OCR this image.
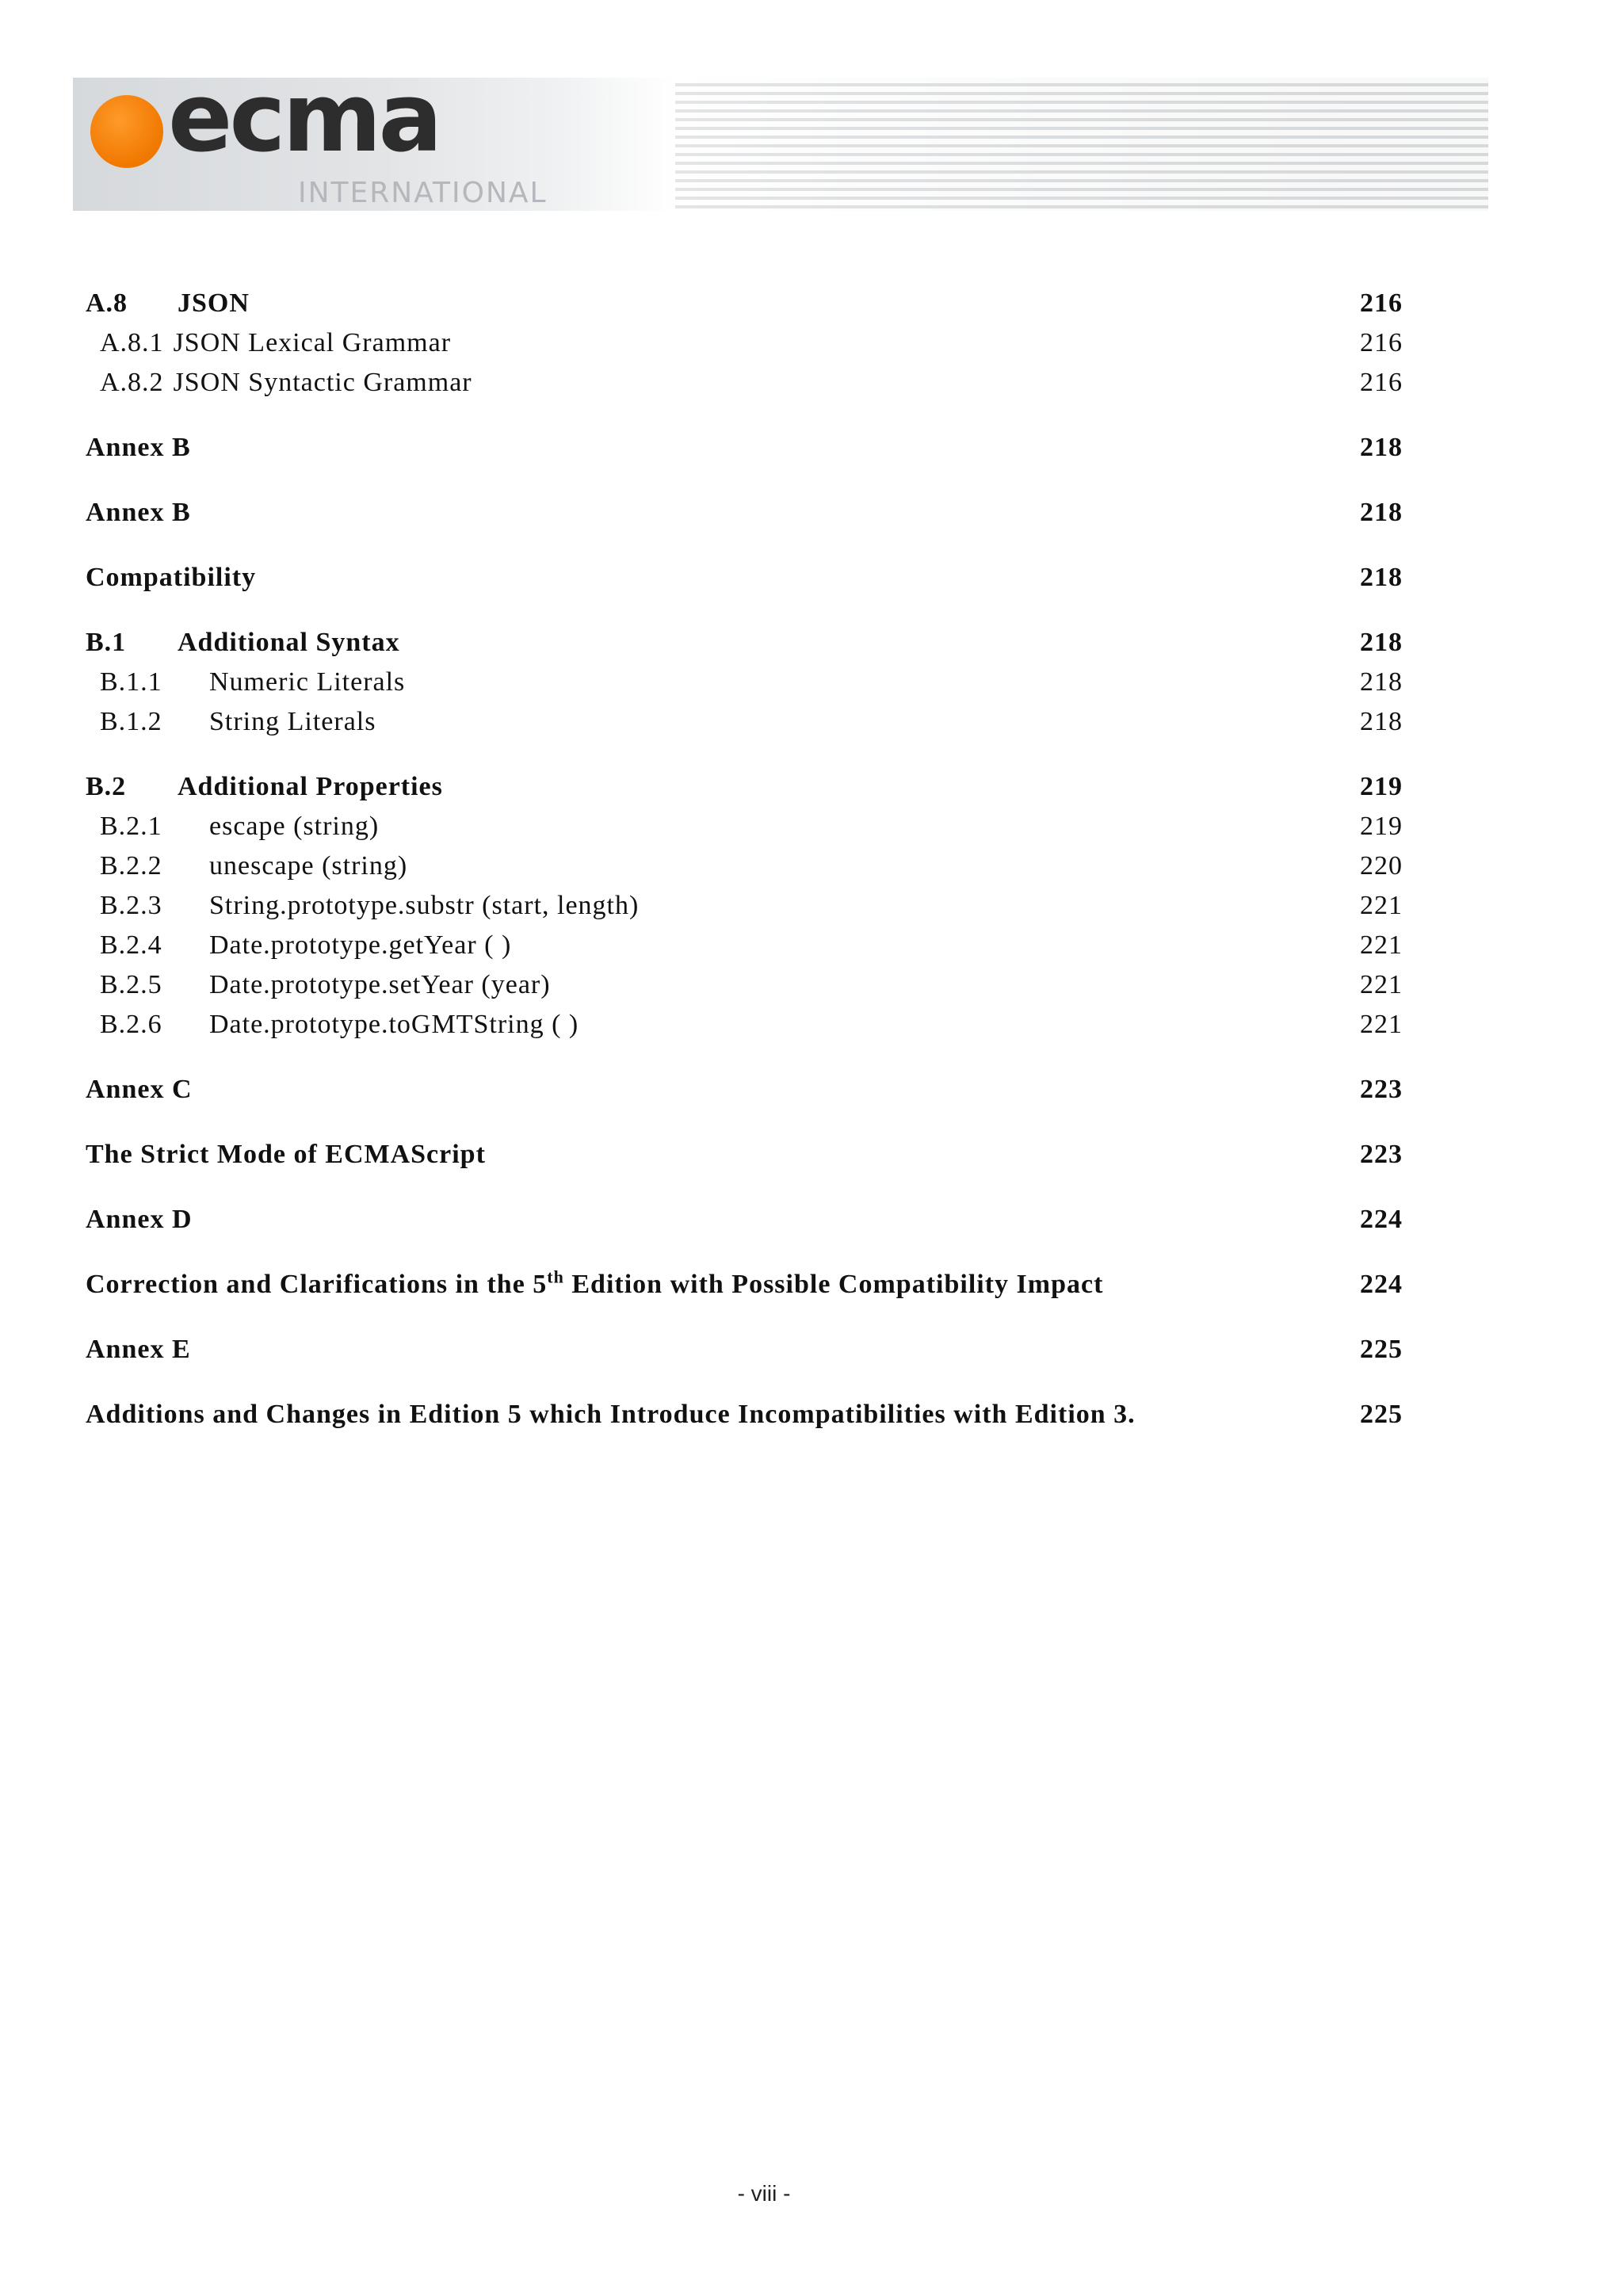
ecma
INTERNATIONAL
A.8 JSON	216
A.8.1 JSON Lexical Grammar	216
A.8.2 JSON Syntactic Grammar	216
Annex B	218
Annex B	218
Compatibility	218
B.1 Additional Syntax	218
B.1.1 Numeric Literals	218
B.1.2 String Literals	218
B.2 Additional Properties	219
B.2.1 escape (string)	219
B.2.2 unescape (string)	220
B.2.3 String.prototype.substr (start, length)	221
B.2.4 Date.prototype.getYear ( )	221
B.2.5 Date.prototype.setYear (year)	221
B.2.6 Date.prototype.toGMTString ( )	221
Annex C	223
The Strict Mode of ECMAScript	223
Annex D	224
Correction and Clarifications in the 5th Edition with Possible Compatibility Impact	224
Annex E	225
Additions and Changes in Edition 5 which Introduce Incompatibilities with Edition 3.	225
- viii -
